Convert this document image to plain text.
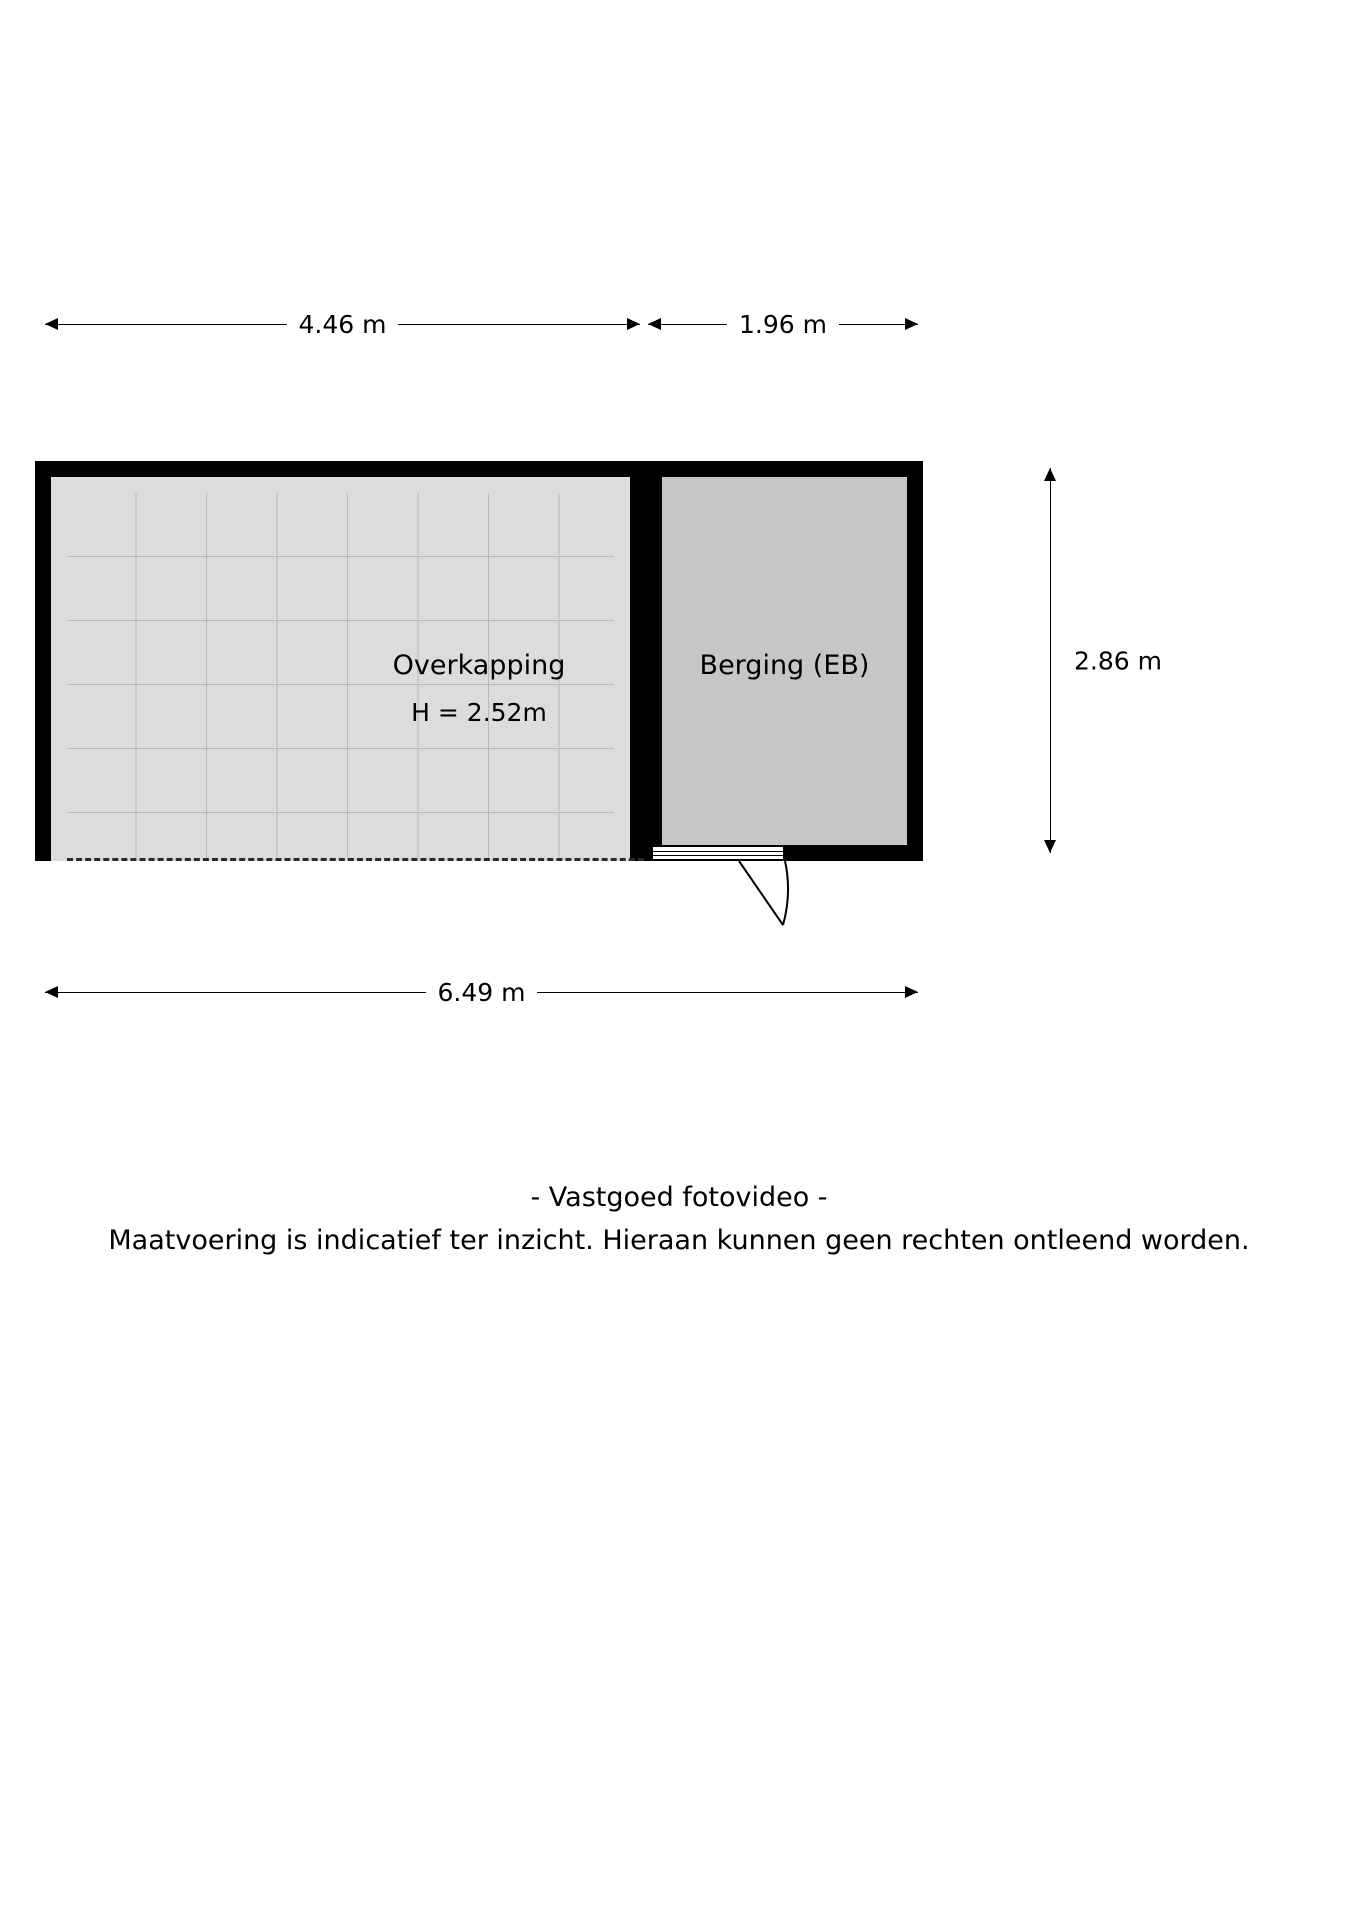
4.46 m	1.96 m
2.86 m
6.49 m
Overkapping
H = 2.52m
Berging (EB)
- Vastgoed fotovideo -
Maatvoering is indicatief ter inzicht. Hieraan kunnen geen rechten ontleend worden.
